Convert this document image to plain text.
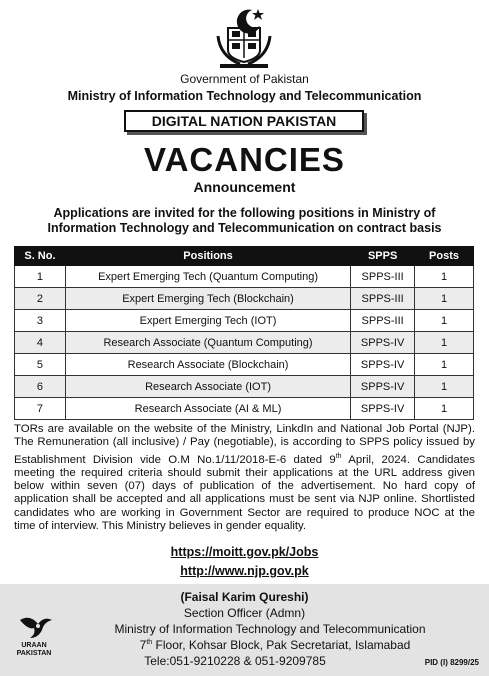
Government of Pakistan
Ministry of Information Technology and Telecommunication
DIGITAL NATION PAKISTAN
VACANCIES
Announcement
Applications are invited for the following positions in Ministry of Information Technology and Telecommunication on contract basis
S. No.	Positions	SPPS	Posts
1	Expert Emerging Tech (Quantum Computing)	SPPS-III	1
2	Expert Emerging Tech (Blockchain)	SPPS-III	1
3	Expert Emerging Tech (IOT)	SPPS-III	1
4	Research Associate (Quantum Computing)	SPPS-IV	1
5	Research Associate (Blockchain)	SPPS-IV	1
6	Research Associate (IOT)	SPPS-IV	1
7	Research Associate (AI & ML)	SPPS-IV	1
TORs are available on the website of the Ministry, LinkdIn and National Job Portal (NJP). The Remuneration (all inclusive) / Pay (negotiable), is according to SPPS policy issued by Establishment Division vide O.M No.1/11/2018-E-6 dated 9th April, 2024. Candidates meeting the required criteria should submit their applications at the URL address given below within seven (07) days of publication of the advertisement. No hard copy of application shall be accepted and all applications must be sent via NJP online. Shortlisted candidates who are working in Government Sector are required to produce NOC at the time of interview. This Ministry believes in gender equality.
https://moitt.gov.pk/Jobs
http://www.njp.gov.pk
URAAN
PAKISTAN
(Faisal Karim Qureshi)
Section Officer (Admn)
Ministry of Information Technology and Telecommunication
7th Floor, Kohsar Block, Pak Secretariat, Islamabad
Tele:051-9210228 & 051-9209785	PID (I) 8299/25
